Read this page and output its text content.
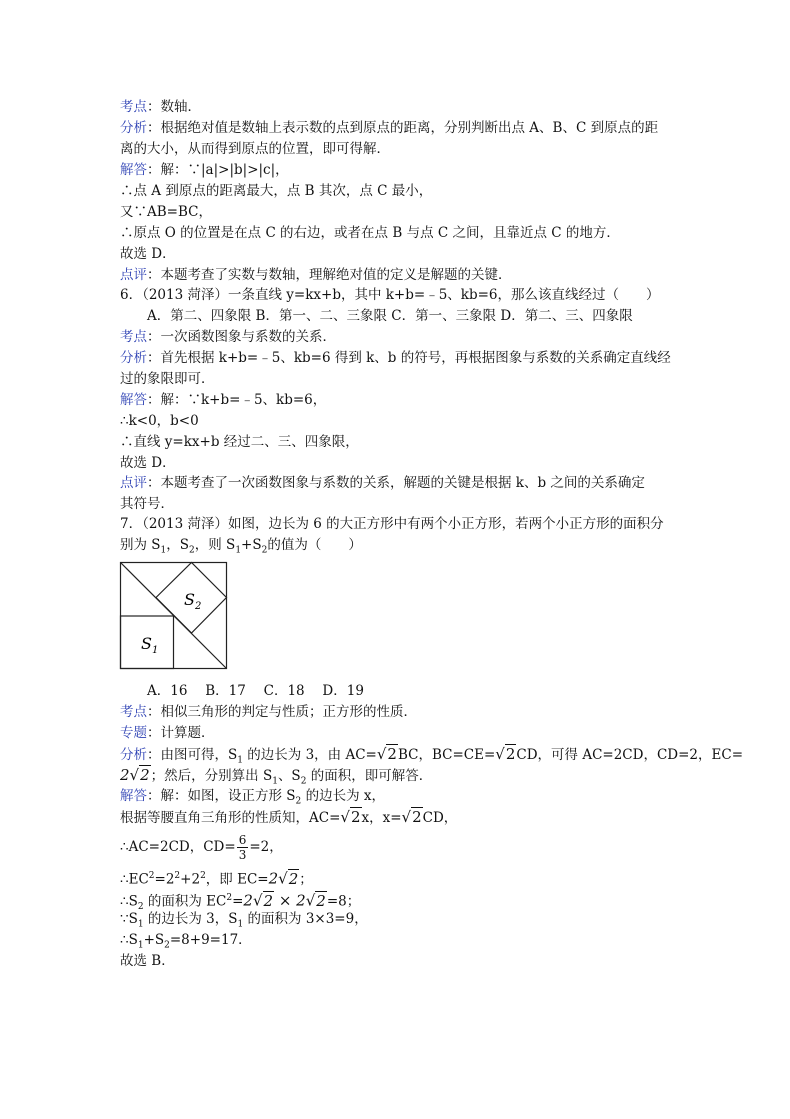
考点：数轴．
分析：根据绝对值是数轴上表示数的点到原点的距离，分别判断出点 A、B、C 到原点的距
离的大小，从而得到原点的位置，即可得解．
解答：解：∵|a|>|b|>|c|，
∴点 A 到原点的距离最大，点 B 其次，点 C 最小，
又∵AB=BC，
∴原点 O 的位置是在点 C 的右边，或者在点 B 与点 C 之间，且靠近点 C 的地方．
故选 D．
点评：本题考查了实数与数轴，理解绝对值的定义是解题的关键．
6．（2013 菏泽）一条直线 y=kx+b，其中 k+b=﹣5、kb=6，那么该直线经过（　　）
A．第二、四象限 B．第一、二、三象限 C．第一、三象限 D．第二、三、四象限
考点：一次函数图象与系数的关系．
分析：首先根据 k+b=﹣5、kb=6 得到 k、b 的符号，再根据图象与系数的关系确定直线经
过的象限即可．
解答：解：∵k+b=﹣5、kb=6，
∴k<0，b<0
∴直线 y=kx+b 经过二、三、四象限，
故选 D．
点评：本题考查了一次函数图象与系数的关系，解题的关键是根据 k、b 之间的关系确定
其符号．
7．（2013 菏泽）如图，边长为 6 的大正方形中有两个小正方形，若两个小正方形的面积分
别为 $S_1$，$S_2$，则 $S_1+S_2$的值为（　　）
$S_2$
$S_1$
A．16　 B．17　 C．18　 D．19
考点：相似三角形的判定与性质；正方形的性质．
专题：计算题．
分析：由图可得，$S_1$ 的边长为 3，由 AC=√2BC，BC=CE=√2CD，可得 AC=2CD，CD=2，EC=
2√2；然后，分别算出 $S_1$、$S_2$ 的面积，即可解答．
解答：解：如图，设正方形 $S_2$ 的边长为 x，
根据等腰直角三角形的性质知，AC=√2x，x=√2CD，
∴AC=2CD，$CD= \frac{6}{3} =2$，
$\therefore EC^2=2^2+2^2$，即 EC=2√2；
$\therefore S_2$ 的面积为 $EC^2=2√2 \times 2√2=8$；
$\because S_1$ 的边长为 3，$S_1$ 的面积为 3×3=9，
$\therefore S_1+S_2=8+9=17$．
故选 B．
